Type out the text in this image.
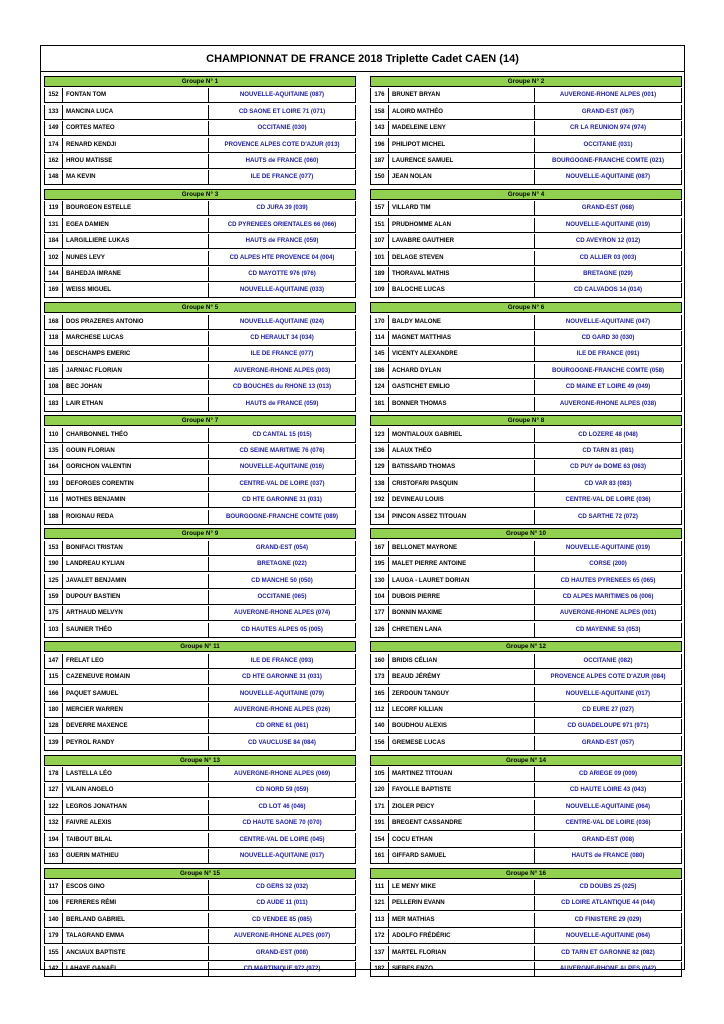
CHAMPIONNAT DE FRANCE 2018 Triplette Cadet CAEN (14)
Groupe N° 1
152	FONTAN TOM	NOUVELLE-AQUITAINE (087)
133	MANCINA LUCA	CD SAONE ET LOIRE 71 (071)
149	CORTES MATEO	OCCITANIE (030)
174	RENARD KENDJI	PROVENCE ALPES COTE D'AZUR (013)
162	HROU MATISSE	HAUTS de FRANCE (060)
148	MA KEVIN	ILE DE FRANCE (077)
Groupe N° 2
176	BRUNET BRYAN	AUVERGNE-RHONE ALPES (001)
158	ALOIRD MATHÉO	GRAND-EST (067)
143	MADELEINE LENY	CR LA REUNION 974 (974)
196	PHILIPOT MICHEL	OCCITANIE (031)
187	LAURENCE SAMUEL	BOURGOGNE-FRANCHE COMTE (021)
150	JEAN NOLAN	NOUVELLE-AQUITAINE (087)
Groupe N° 3
119	BOURGEON ESTELLE	CD JURA 39 (039)
131	EGEA DAMIEN	CD PYRENEES ORIENTALES 66 (066)
184	LARGILLIERE LUKAS	HAUTS de FRANCE (059)
102	NUNES LEVY	CD ALPES HTE PROVENCE 04 (004)
144	BAHEDJA IMRANE	CD MAYOTTE 976 (976)
169	WEISS MIGUEL	NOUVELLE-AQUITAINE (033)
Groupe N° 4
157	VILLARD TIM	GRAND-EST (068)
151	PRUDHOMME ALAN	NOUVELLE-AQUITAINE (019)
107	LAVABRE GAUTHIER	CD AVEYRON 12 (012)
101	DELAGE STEVEN	CD ALLIER 03 (003)
189	THORAVAL MATHIS	BRETAGNE (029)
109	BALOCHE LUCAS	CD CALVADOS 14 (014)
Groupe N° 5
168	DOS PRAZERES ANTONIO	NOUVELLE-AQUITAINE (024)
118	MARCHESE LUCAS	CD HERAULT 34 (034)
146	DESCHAMPS EMERIC	ILE DE FRANCE (077)
185	JARNIAC FLORIAN	AUVERGNE-RHONE ALPES (003)
108	BEC JOHAN	CD BOUCHES du RHONE 13 (013)
183	LAIR ETHAN	HAUTS de FRANCE (059)
Groupe N° 6
170	BALDY MALONE	NOUVELLE-AQUITAINE (047)
114	MAGNET MATTHIAS	CD GARD 30 (030)
145	VICENTY ALEXANDRE	ILE DE FRANCE (091)
186	ACHARD DYLAN	BOURGOGNE-FRANCHE COMTE (058)
124	GASTICHET EMILIO	CD MAINE ET LOIRE 49 (049)
181	BONNER THOMAS	AUVERGNE-RHONE ALPES (038)
Groupe N° 7
110	CHARBONNEL THÉO	CD CANTAL 15 (015)
135	GOUIN FLORIAN	CD SEINE MARITIME 76 (076)
164	GORICHON VALENTIN	NOUVELLE-AQUITAINE (016)
193	DEFORGES CORENTIN	CENTRE-VAL DE LOIRE (037)
116	MOTHES BENJAMIN	CD HTE GARONNE 31 (031)
188	ROIGNAU REDA	BOURGOGNE-FRANCHE COMTE (089)
Groupe N° 8
123	MONTIALOUX GABRIEL	CD LOZERE 48 (048)
136	ALAUX THÉO	CD TARN 81 (081)
129	BATISSARD THOMAS	CD PUY de DOME 63 (063)
138	CRISTOFARI PASQUIN	CD VAR 83 (083)
192	DEVINEAU LOUIS	CENTRE-VAL DE LOIRE (036)
134	PINCON ASSEZ TITOUAN	CD SARTHE 72 (072)
Groupe N° 9
153	BONIFACI TRISTAN	GRAND-EST (054)
190	LANDREAU KYLIAN	BRETAGNE (022)
125	JAVALET BENJAMIN	CD MANCHE 50 (050)
159	DUPOUY BASTIEN	OCCITANIE (065)
175	ARTHAUD MELVYN	AUVERGNE-RHONE ALPES (074)
103	SAUNIER THÉO	CD HAUTES ALPES 05 (005)
Groupe N° 10
167	BELLONET MAYRONE	NOUVELLE-AQUITAINE (019)
195	MALET PIERRE ANTOINE	CORSE (200)
130	LAUGA - LAURET DORIAN	CD HAUTES PYRENEES 65 (065)
104	DUBOIS PIERRE	CD ALPES MARITIMES 06 (006)
177	BONNIN MAXIME	AUVERGNE-RHONE ALPES (001)
126	CHRETIEN LANA	CD MAYENNE 53 (053)
Groupe N° 11
147	FRELAT LEO	ILE DE FRANCE (093)
115	CAZENEUVE ROMAIN	CD HTE GARONNE 31 (031)
166	PAQUET SAMUEL	NOUVELLE-AQUITAINE (079)
180	MERCIER WARREN	AUVERGNE-RHONE ALPES (026)
128	DEVERRE MAXENCE	CD ORNE 61 (061)
139	PEYROL RANDY	CD VAUCLUSE 84 (084)
Groupe N° 12
160	BRIDIS CÉLIAN	OCCITANIE (082)
173	BEAUD JÉRÉMY	PROVENCE ALPES COTE D'AZUR (084)
165	ZERDOUN TANGUY	NOUVELLE-AQUITAINE (017)
112	LECORF KILLIAN	CD EURE 27 (027)
140	BOUDHOU ALEXIS	CD GUADELOUPE 971 (971)
156	GREMESE LUCAS	GRAND-EST (057)
Groupe N° 13
178	LASTELLA LÉO	AUVERGNE-RHONE ALPES (069)
127	VILAIN ANGELO	CD NORD 59 (059)
122	LEGROS JONATHAN	CD LOT 46 (046)
132	FAIVRE ALEXIS	CD HAUTE SAONE 70 (070)
194	TAIBOUT BILAL	CENTRE-VAL DE LOIRE (045)
163	GUERIN MATHIEU	NOUVELLE-AQUITAINE (017)
Groupe N° 14
105	MARTINEZ TITOUAN	CD ARIEGE 09 (009)
120	FAYOLLE BAPTISTE	CD HAUTE LOIRE 43 (043)
171	ZIGLER PEICY	NOUVELLE-AQUITAINE (064)
191	BREGENT CASSANDRE	CENTRE-VAL DE LOIRE (036)
154	COCU ETHAN	GRAND-EST (008)
161	GIFFARD SAMUEL	HAUTS de FRANCE (080)
Groupe N° 15
117	ESCOS GINO	CD GERS 32 (032)
106	FERRERES RÉMI	CD AUDE 11 (011)
140	BERLAND GABRIEL	CD VENDEE 85 (085)
179	TALAGRAND EMMA	AUVERGNE-RHONE ALPES (007)
155	ANCIAUX BAPTISTE	GRAND-EST (008)
142	LAHAYE GANAËL	CD MARTINIQUE 972 (972)
Groupe N° 16
111	LE MENY MIKE	CD DOUBS 25 (025)
121	PELLERIN EVANN	CD LOIRE ATLANTIQUE 44 (044)
113	MER MATHIAS	CD FINISTERE 29 (029)
172	ADOLFO FRÉDÉRIC	NOUVELLE-AQUITAINE (064)
137	MARTEL FLORIAN	CD TARN ET GARONNE 82 (082)
182	SIEBES ENZO	AUVERGNE-RHONE ALPES (042)
